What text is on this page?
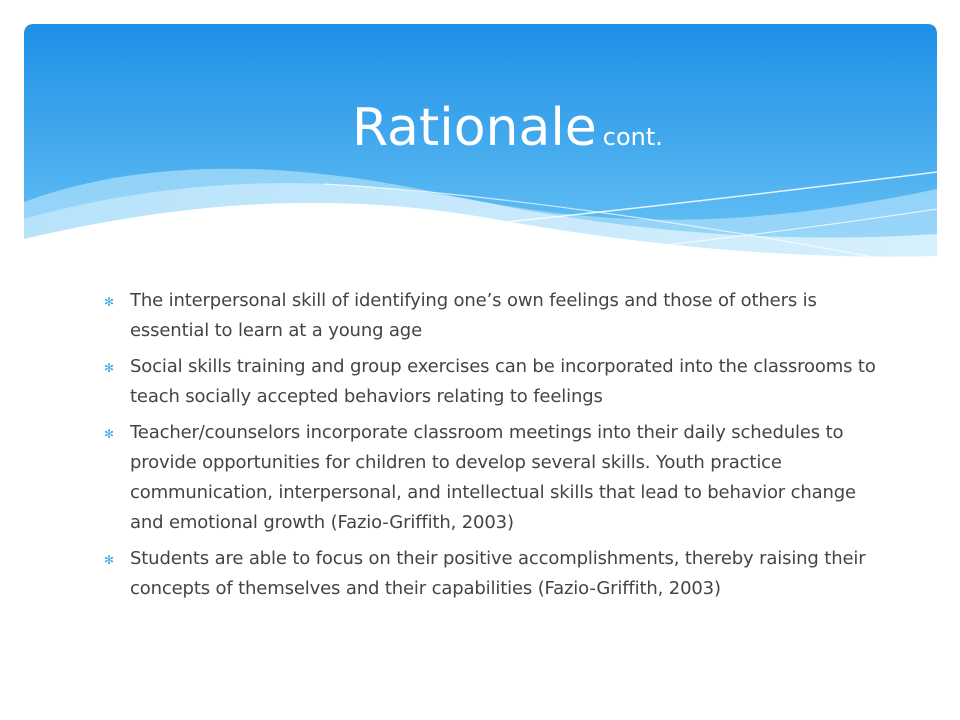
Rationale cont.
✻ The interpersonal skill of identifying one’s own feelings and those of others is essential to learn at a young age
✻ Social skills training and group exercises can be incorporated into the classrooms to teach socially accepted behaviors relating to feelings
✻ Teacher/counselors incorporate classroom meetings into their daily schedules to provide opportunities for children to develop several skills. Youth practice communication, interpersonal, and intellectual skills that lead to behavior change and emotional growth (Fazio-Griffith, 2003)
✻ Students are able to focus on their positive accomplishments, thereby raising their concepts of themselves and their capabilities (Fazio-Griffith, 2003)
